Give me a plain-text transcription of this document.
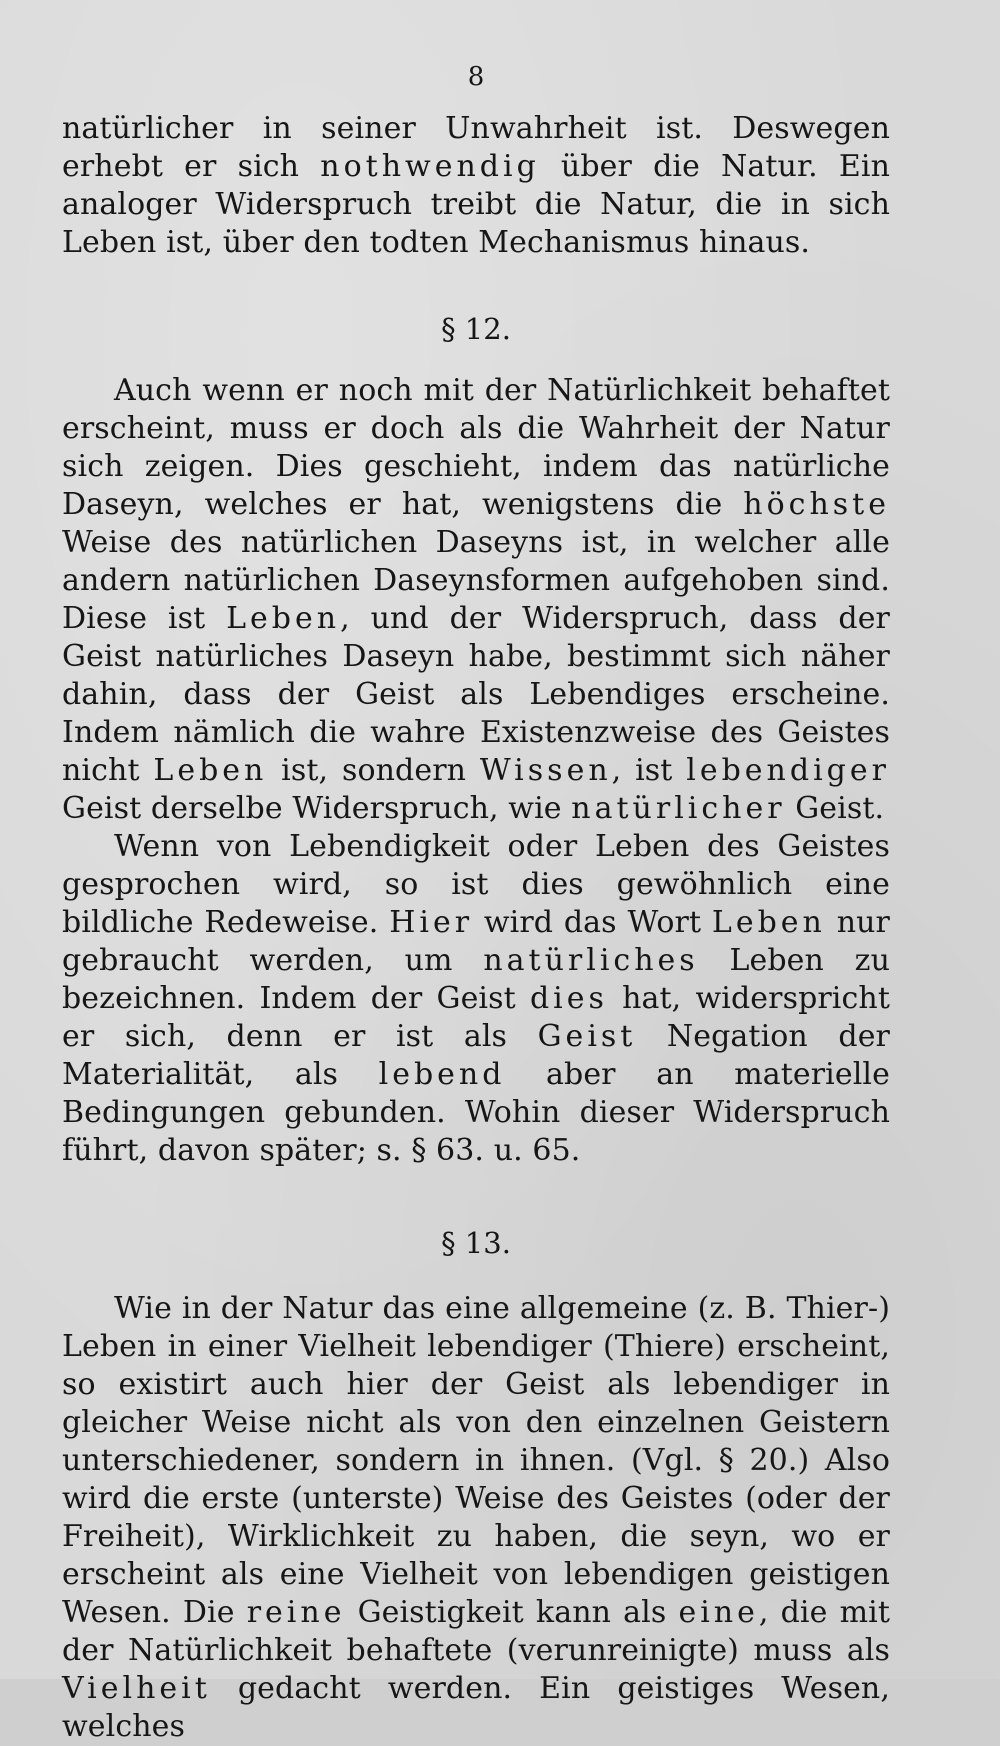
8

natürlicher in seiner Unwahrheit ist. Deswegen erhebt er sich nothwendig über die Natur. Ein analoger Widerspruch treibt die Natur, die in sich Leben ist, über den todten Mechanismus hinaus.

§ 12.

Auch wenn er noch mit der Natürlichkeit behaftet erscheint, muss er doch als die Wahrheit der Natur sich zeigen. Dies geschieht, indem das natürliche Daseyn, welches er hat, wenigstens die höchste Weise des natürlichen Daseyns ist, in welcher alle andern natürlichen Daseynsformen aufgehoben sind. Diese ist Leben, und der Widerspruch, dass der Geist natürliches Daseyn habe, bestimmt sich näher dahin, dass der Geist als Lebendiges erscheine. Indem nämlich die wahre Existenzweise des Geistes nicht Leben ist, sondern Wissen, ist lebendiger Geist derselbe Widerspruch, wie natürlicher Geist.

Wenn von Lebendigkeit oder Leben des Geistes gesprochen wird, so ist dies gewöhnlich eine bildliche Redeweise. Hier wird das Wort Leben nur gebraucht werden, um natürliches Leben zu bezeichnen. Indem der Geist dies hat, widerspricht er sich, denn er ist als Geist Negation der Materialität, als lebend aber an materielle Bedingungen gebunden. Wohin dieser Widerspruch führt, davon später; s. § 63. u. 65.

§ 13.

Wie in der Natur das eine allgemeine (z. B. Thier-) Leben in einer Vielheit lebendiger (Thiere) erscheint, so existirt auch hier der Geist als lebendiger in gleicher Weise nicht als von den einzelnen Geistern unterschiedener, sondern in ihnen. (Vgl. § 20.) Also wird die erste (unterste) Weise des Geistes (oder der Freiheit), Wirklichkeit zu haben, die seyn, wo er erscheint als eine Vielheit von lebendigen geistigen Wesen. Die reine Geistigkeit kann als eine, die mit der Natürlichkeit behaftete (verunreinigte) muss als Vielheit gedacht werden. Ein geistiges Wesen, welches
